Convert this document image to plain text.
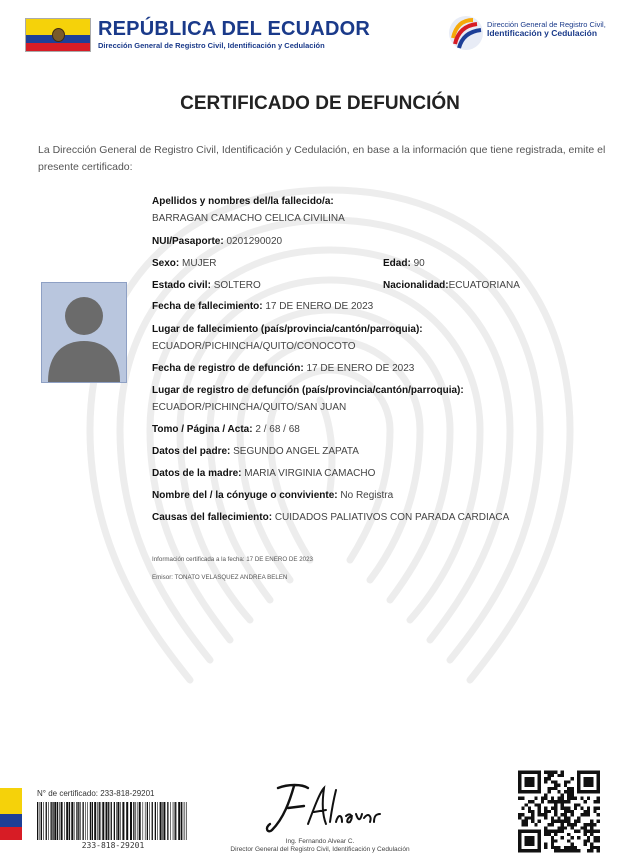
REPÚBLICA DEL ECUADOR
Dirección General de Registro Civil, Identificación y Cedulación
Dirección General de Registro Civil,
Identificación y Cedulación
CERTIFICADO DE DEFUNCIÓN
La Dirección General de Registro Civil, Identificación y Cedulación, en base a la información que tiene registrada, emite el presente certificado:
Apellidos y nombres del/la fallecido/a:
BARRAGAN CAMACHO CELICA CIVILINA
NUI/Pasaporte: 0201290020
Sexo: MUJER	Edad: 90
Estado civil: SOLTERO	Nacionalidad:ECUATORIANA
Fecha de fallecimiento: 17 DE ENERO DE 2023
Lugar de fallecimiento (país/provincia/cantón/parroquia):
ECUADOR/PICHINCHA/QUITO/CONOCOTO
Fecha de registro de defunción: 17 DE ENERO DE 2023
Lugar de registro de defunción (país/provincia/cantón/parroquia):
ECUADOR/PICHINCHA/QUITO/SAN JUAN
Tomo / Página / Acta: 2 / 68 / 68
Datos del padre: SEGUNDO ANGEL ZAPATA
Datos de la madre: MARIA VIRGINIA CAMACHO
Nombre del / la cónyuge o conviviente: No Registra
Causas del fallecimiento: CUIDADOS PALIATIVOS CON PARADA CARDIACA
Información certificada a la fecha: 17 DE ENERO DE 2023
Emisor: TONATO VELASQUEZ ANDREA BELEN
N° de certificado: 233-818-29201
233-818-29201	Ing. Fernando Alvear C.
Director General del Registro Civil, Identificación y Cedulación
